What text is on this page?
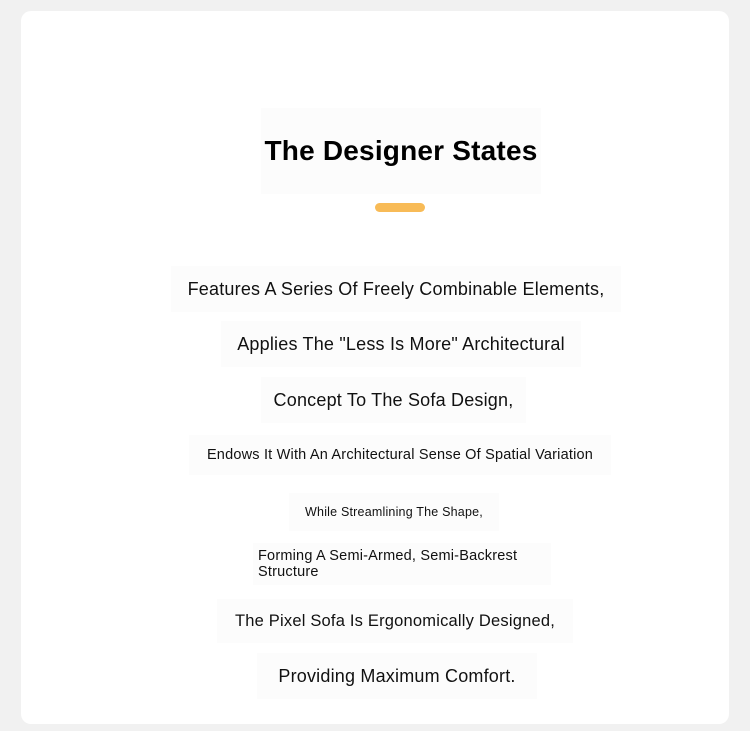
The Designer States
Features A Series Of Freely Combinable Elements,
Applies The "Less Is More" Architectural
Concept To The Sofa Design,
Endows It With An Architectural Sense Of Spatial Variation
While Streamlining The Shape,
Forming A Semi-Armed, Semi-Backrest Structure
The Pixel Sofa Is Ergonomically Designed,
Providing Maximum Comfort.
